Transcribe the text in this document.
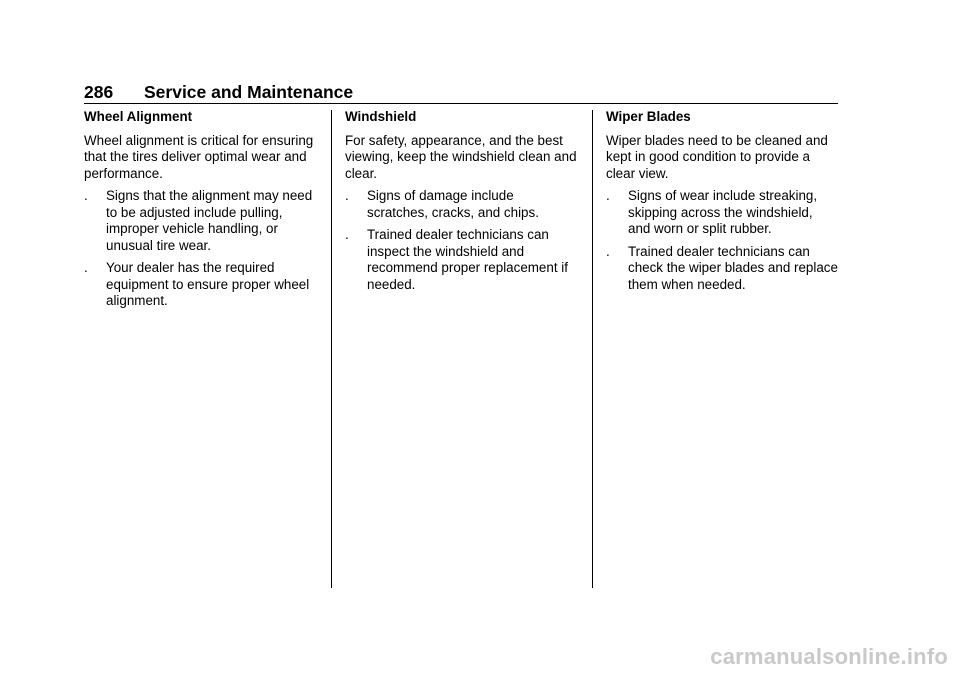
286	Service and Maintenance

Wheel Alignment

Wheel alignment is critical for ensuring that the tires deliver optimal wear and performance.

.	Signs that the alignment may need to be adjusted include pulling, improper vehicle handling, or unusual tire wear.
.	Your dealer has the required equipment to ensure proper wheel alignment.

Windshield

For safety, appearance, and the best viewing, keep the windshield clean and clear.

.	Signs of damage include scratches, cracks, and chips.
.	Trained dealer technicians can inspect the windshield and recommend proper replacement if needed.

Wiper Blades

Wiper blades need to be cleaned and kept in good condition to provide a clear view.

.	Signs of wear include streaking, skipping across the windshield, and worn or split rubber.
.	Trained dealer technicians can check the wiper blades and replace them when needed.
carmanualsonline.info
